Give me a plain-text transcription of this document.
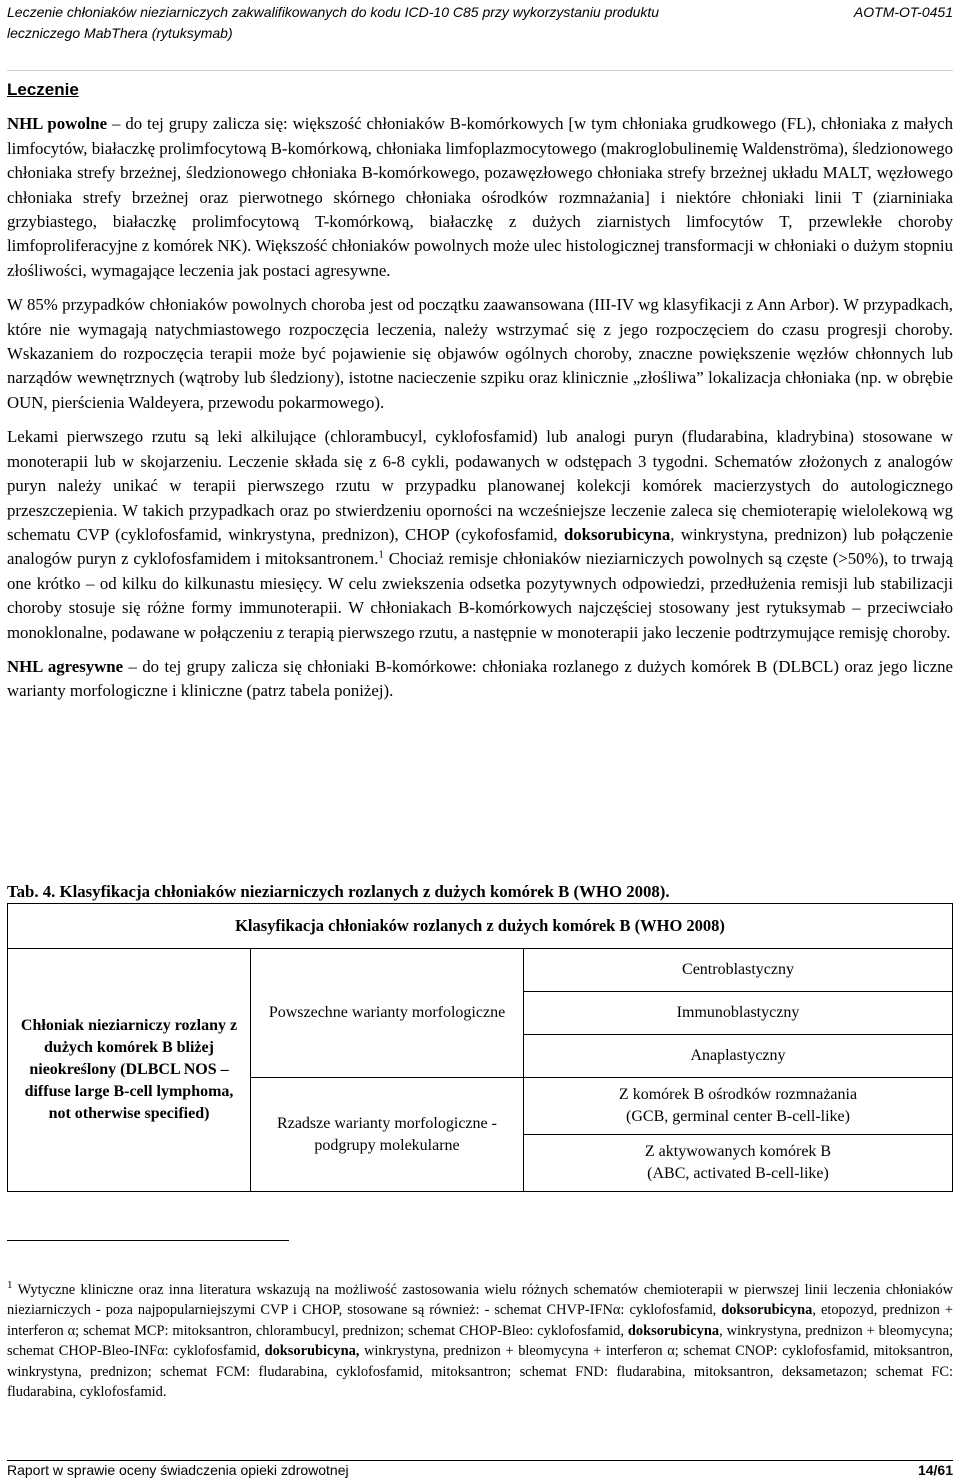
Leczenie chłoniaków nieziarniczych zakwalifikowanych do kodu ICD-10 C85 przy wykorzystaniu produktu	AOTM-OT-0451
leczniczego MabThera (rytuksymab)

Leczenie

NHL powolne – do tej grupy zalicza się: większość chłoniaków B-komórkowych [w tym chłoniaka grudkowego (FL), chłoniaka z małych limfocytów, białaczkę prolimfocytową B-komórkową, chłoniaka limfoplazmocytowego (makroglobulinemię Waldenströma), śledzionowego chłoniaka strefy brzeżnej, śledzionowego chłoniaka B-komórkowego, pozawęzłowego chłoniaka strefy brzeżnej układu MALT, węzłowego chłoniaka strefy brzeżnej oraz pierwotnego skórnego chłoniaka ośrodków rozmnażania] i niektóre chłoniaki linii T (ziarniniaka grzybiastego, białaczkę prolimfocytową T-komórkową, białaczkę z dużych ziarnistych limfocytów T, przewlekłe choroby limfoproliferacyjne z komórek NK). Większość chłoniaków powolnych może ulec histologicznej transformacji w chłoniaki o dużym stopniu złośliwości, wymagające leczenia jak postaci agresywne.

W 85% przypadków chłoniaków powolnych choroba jest od początku zaawansowana (III-IV wg klasyfikacji z Ann Arbor). W przypadkach, które nie wymagają natychmiastowego rozpoczęcia leczenia, należy wstrzymać się z jego rozpoczęciem do czasu progresji choroby. Wskazaniem do rozpoczęcia terapii może być pojawienie się objawów ogólnych choroby, znaczne powiększenie węzłów chłonnych lub narządów wewnętrznych (wątroby lub śledziony), istotne nacieczenie szpiku oraz klinicznie „złośliwa” lokalizacja chłoniaka (np. w obrębie OUN, pierścienia Waldeyera, przewodu pokarmowego).

Lekami pierwszego rzutu są leki alkilujące (chlorambucyl, cyklofosfamid) lub analogi puryn (fludarabina, kladrybina) stosowane w monoterapii lub w skojarzeniu. Leczenie składa się z 6-8 cykli, podawanych w odstępach 3 tygodni. Schematów złożonych z analogów puryn należy unikać w terapii pierwszego rzutu w przypadku planowanej kolekcji komórek macierzystych do autologicznego przeszczepienia. W takich przypadkach oraz po stwierdzeniu oporności na wcześniejsze leczenie zaleca się chemioterapię wielolekową wg schematu CVP (cyklofosfamid, winkrystyna, prednizon), CHOP (cykofosfamid, doksorubicyna, winkrystyna, prednizon) lub połączenie analogów puryn z cyklofosfamidem i mitoksantronem.$^1$ Chociaż remisje chłoniaków nieziarniczych powolnych są częste (>50%), to trwają one krótko – od kilku do kilkunastu miesięcy. W celu zwiekszenia odsetka pozytywnych odpowiedzi, przedłużenia remisji lub stabilizacji choroby stosuje się różne formy immunoterapii. W chłoniakach B-komórkowych najczęściej stosowany jest rytuksymab – przeciwciało monoklonalne, podawane w połączeniu z terapią pierwszego rzutu, a następnie w monoterapii jako leczenie podtrzymujące remisję choroby.

NHL agresywne – do tej grupy zalicza się chłoniaki B-komórkowe: chłoniaka rozlanego z dużych komórek B (DLBCL) oraz jego liczne warianty morfologiczne i kliniczne (patrz tabela poniżej).

Tab. 4. Klasyfikacja chłoniaków nieziarniczych rozlanych z dużych komórek B (WHO 2008).
Klasyfikacja chłoniaków rozlanych z dużych komórek B (WHO 2008)		
Chłoniak nieziarniczy rozlany z dużych komórek B bliżej nieokreślony (DLBCL NOS – diffuse large B-cell lymphoma, not otherwise specified)	Powszechne warianty morfologiczne	Centroblastyczny
		Immunoblastyczny
		Anaplastyczny
	Rzadsze warianty morfologiczne - podgrupy molekularne	Z komórek B ośrodków rozmnażania
(GCB, germinal center B-cell-like)

		Z aktywowanych komórek B
(ABC, activated B-cell-like)
$^1$ Wytyczne kliniczne oraz inna literatura wskazują na możliwość zastosowania wielu różnych schematów chemioterapii w pierwszej linii leczenia chłoniaków nieziarniczych - poza najpopularniejszymi CVP i CHOP, stosowane są również: - schemat CHVP-IFNα: cyklofosfamid, doksorubicyna, etopozyd, prednizon + interferon α; schemat MCP: mitoksantron, chlorambucyl, prednizon; schemat CHOP-Bleo: cyklofosfamid, doksorubicyna, winkrystyna, prednizon + bleomycyna; schemat CHOP-Bleo-INFα: cyklofosfamid, doksorubicyna, winkrystyna, prednizon + bleomycyna + interferon α; schemat CNOP: cyklofosfamid, mitoksantron, winkrystyna, prednizon; schemat FCM: fludarabina, cyklofosfamid, mitoksantron; schemat FND: fludarabina, mitoksantron, deksametazon; schemat FC: fludarabina, cyklofosfamid.
Raport w sprawie oceny świadczenia opieki zdrowotnej	14/61
